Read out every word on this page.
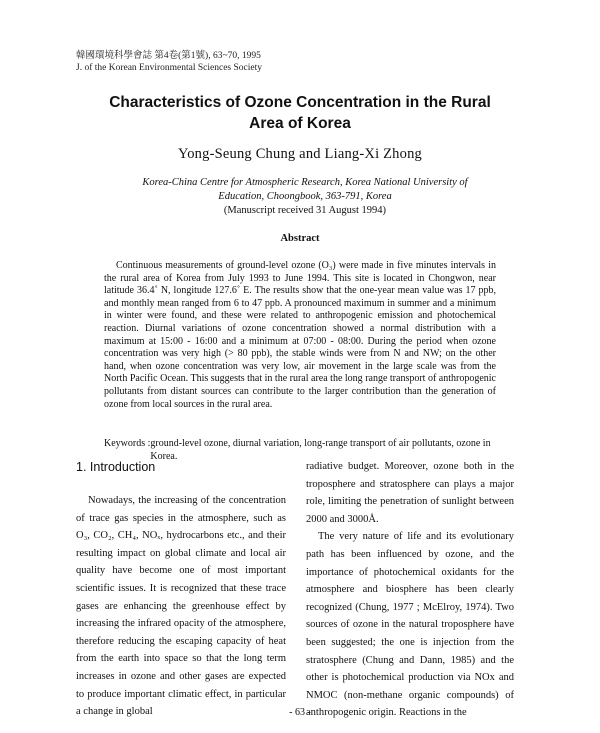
韓國環境科學會誌 第4卷(第1號), 63~70, 1995
J. of the Korean Environmental Sciences Society
Characteristics of Ozone Concentration in the Rural
Area of Korea
Yong-Seung Chung and Liang-Xi Zhong
Korea-China Centre for Atmospheric Research, Korea National University of
Education, Choongbook, 363-791, Korea
(Manuscript received 31 August 1994)
Abstract
Continuous measurements of ground-level ozone (O₃) were made in five minutes intervals in the rural area of Korea from July 1993 to June 1994. This site is located in Chongwon, near latitude 36.4˚ N, longitude 127.6˚ E. The results show that the one-year mean value was 17 ppb, and monthly mean ranged from 6 to 47 ppb. A pronounced maximum in summer and a minimum in winter were found, and these were related to anthropogenic emission and photochemical reaction. Diurnal variations of ozone concentration showed a normal distribution with a maximum at 15:00 - 16:00 and a minimum at 07:00 - 08:00. During the period when ozone concentration was very high (> 80 ppb), the stable winds were from N and NW; on the other hand, when ozone concentration was very low, air movement in the large scale was from the North Pacific Ocean. This suggests that in the rural area the long range transport of anthropogenic pollutants from distant sources can contribute to the larger contribution than the generation of ozone from local sources in the rural area.
Keywords : ground-level ozone, diurnal variation, long-range transport of air pollutants, ozone in Korea.
1. Introduction

Nowadays, the increasing of the concentration of trace gas species in the atmosphere, such as O₃, CO₂, CH₄, NOₓ, hydrocarbons etc., and their resulting impact on global climate and local air quality have become one of most important scientific issues. It is recognized that these trace gases are enhancing the greenhouse effect by increasing the infrared opacity of the atmosphere, therefore reducing the escaping capacity of heat from the earth into space so that the long term increases in ozone and other gases are expected to produce important climatic effect, in particular a change in global

radiative budget. Moreover, ozone both in the troposphere and stratosphere can plays a major role, limiting the penetration of sunlight between 2000 and 3000Å.

The very nature of life and its evolutionary path has been influenced by ozone, and the importance of photochemical oxidants for the atmosphere and biosphere has been clearly recognized (Chung, 1977 ; McElroy, 1974). Two sources of ozone in the natural troposphere have been suggested; the one is injection from the stratosphere (Chung and Dann, 1985) and the other is photochemical production via NOx and NMOC (non-methane organic compounds) of anthropogenic origin. Reactions in the

- 63 -
